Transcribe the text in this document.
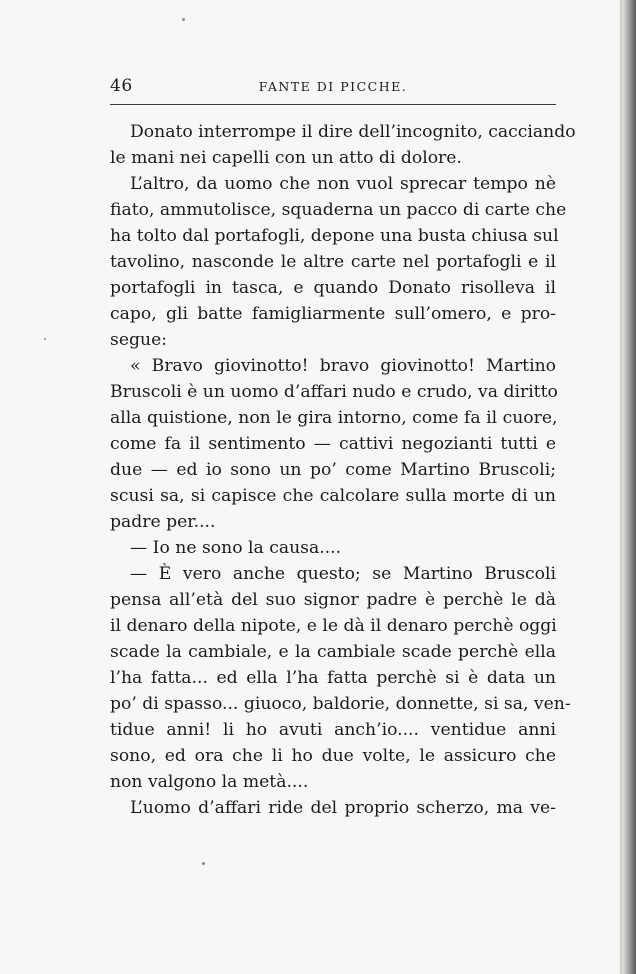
46	FANTE DI PICCHE.
Donato interrompe il dire dell’incognito, cacciando
le mani nei capelli con un atto di dolore.
L’altro, da uomo che non vuol sprecar tempo nè
fiato, ammutolisce, squaderna un pacco di carte che
ha tolto dal portafogli, depone una busta chiusa sul
tavolino, nasconde le altre carte nel portafogli e il
portafogli in tasca, e quando Donato risolleva il
capo, gli batte famigliarmente sull’omero, e pro-
segue:
« Bravo giovinotto! bravo giovinotto! Martino
Bruscoli è un uomo d’affari nudo e crudo, va diritto
alla quistione, non le gira intorno, come fa il cuore,
come fa il sentimento — cattivi negozianti tutti e
due — ed io sono un po’ come Martino Bruscoli;
scusi sa, si capisce che calcolare sulla morte di un
padre per....
— Io ne sono la causa....
— È vero anche questo; se Martino Bruscoli
pensa all’età del suo signor padre è perchè le dà
il denaro della nipote, e le dà il denaro perchè oggi
scade la cambiale, e la cambiale scade perchè ella
l’ha fatta... ed ella l’ha fatta perchè si è data un
po’ di spasso... giuoco, baldorie, donnette, si sa, ven-
tidue anni! li ho avuti anch’io.... ventidue anni
sono, ed ora che li ho due volte, le assicuro che
non valgono la metà....
L’uomo d’affari ride del proprio scherzo, ma ve-
